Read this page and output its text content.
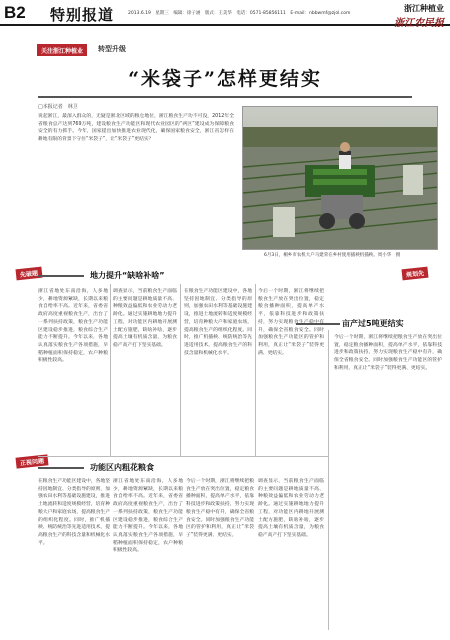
B2 特别报道	2013.6.19　星期三　编辑：徐子涵　版式：王美华　电话：0571-85856111　E-mail：nbbwmf@zjol.com
浙江种植业
浙江农民报
关注浙江种植业	转型升级
“米袋子”怎样更结实
□本报记者　林卫
说起浙江，最深入群众的，无疑是浙北区域的粮仓地位，浙江粮食生产功不可没，2012年全省粮食总产达到769万吨，建设粮食生产功能区和现代农业园区的“两区”建设成为保障粮食安全的有力抓手。今年，国家提出加快推进农业现代化，确保国家粮食安全，浙江省怎样在耕地有限的背景下守住“米袋子”，让“米袋子”更结实？
6月3日，桐乡市农机大户马建荣在乡村使用插秧机插秧。周小华　摄
先破题	规划先
正视问题
地力提升“缺啥补啥”
功能区内粗花粮食
亩产过5吨更结实
浙江省地处东南沿海，人多地少，耕地资源紧缺，长期以来粮食自给率不高。近年来，省委省政府高度重视粮食生产，出台了一系列扶持政策，粮食生产功能区建设稳步推进，粮食综合生产能力不断提升。今年以来，各地认真落实粮食生产各项措施，早稻种植面积保持稳定，农户种粮积极性较高。
调查显示，当前粮食生产面临的主要问题是耕地质量不高、种粮效益偏低和农业劳动力老龄化。通过实施耕地地力提升工程，对功能区内耕地开展测土配方施肥，缺啥补啥，逐步提高土壤有机质含量，为粮食稳产高产打下坚实基础。
在粮食生产功能区建设中，各地坚持因地制宜、分类指导的原则，加强农田水利等基础设施建设，推进土地流转和适度规模经营，培育种粮大户和家庭农场，提高粮食生产的组织化程度。同时，推广机插秧、统防统治等先进适用技术，提高粮食生产的科技含量和机械化水平。
今后一个时期，浙江将继续把粮食生产放在突出位置，稳定粮食播种面积，提高单产水平，依靠科技进步和政策扶持，努力实现粮食生产稳中有升，确保全省粮食安全。同时加强粮食生产功能区的管护和利用，真正让“米袋子”装得更满、更结实。
在粮食生产功能区建设中，各地坚持因地制宜、分类指导的原则，加强农田水利等基础设施建设，推进土地流转和适度规模经营，培育种粮大户和家庭农场，提高粮食生产的组织化程度。同时，推广机插秧、统防统治等先进适用技术，提高粮食生产的科技含量和机械化水平。
浙江省地处东南沿海，人多地少，耕地资源紧缺，长期以来粮食自给率不高。近年来，省委省政府高度重视粮食生产，出台了一系列扶持政策，粮食生产功能区建设稳步推进，粮食综合生产能力不断提升。今年以来，各地认真落实粮食生产各项措施，早稻种植面积保持稳定，农户种粮积极性较高。
今后一个时期，浙江将继续把粮食生产放在突出位置，稳定粮食播种面积，提高单产水平，依靠科技进步和政策扶持，努力实现粮食生产稳中有升，确保全省粮食安全。同时加强粮食生产功能区的管护和利用，真正让“米袋子”装得更满、更结实。
调查显示，当前粮食生产面临的主要问题是耕地质量不高、种粮效益偏低和农业劳动力老龄化。通过实施耕地地力提升工程，对功能区内耕地开展测土配方施肥，缺啥补啥，逐步提高土壤有机质含量，为粮食稳产高产打下坚实基础。
今后一个时期，浙江将继续把粮食生产放在突出位置，稳定粮食播种面积，提高单产水平，依靠科技进步和政策扶持，努力实现粮食生产稳中有升，确保全省粮食安全。同时加强粮食生产功能区的管护和利用，真正让“米袋子”装得更满、更结实。
